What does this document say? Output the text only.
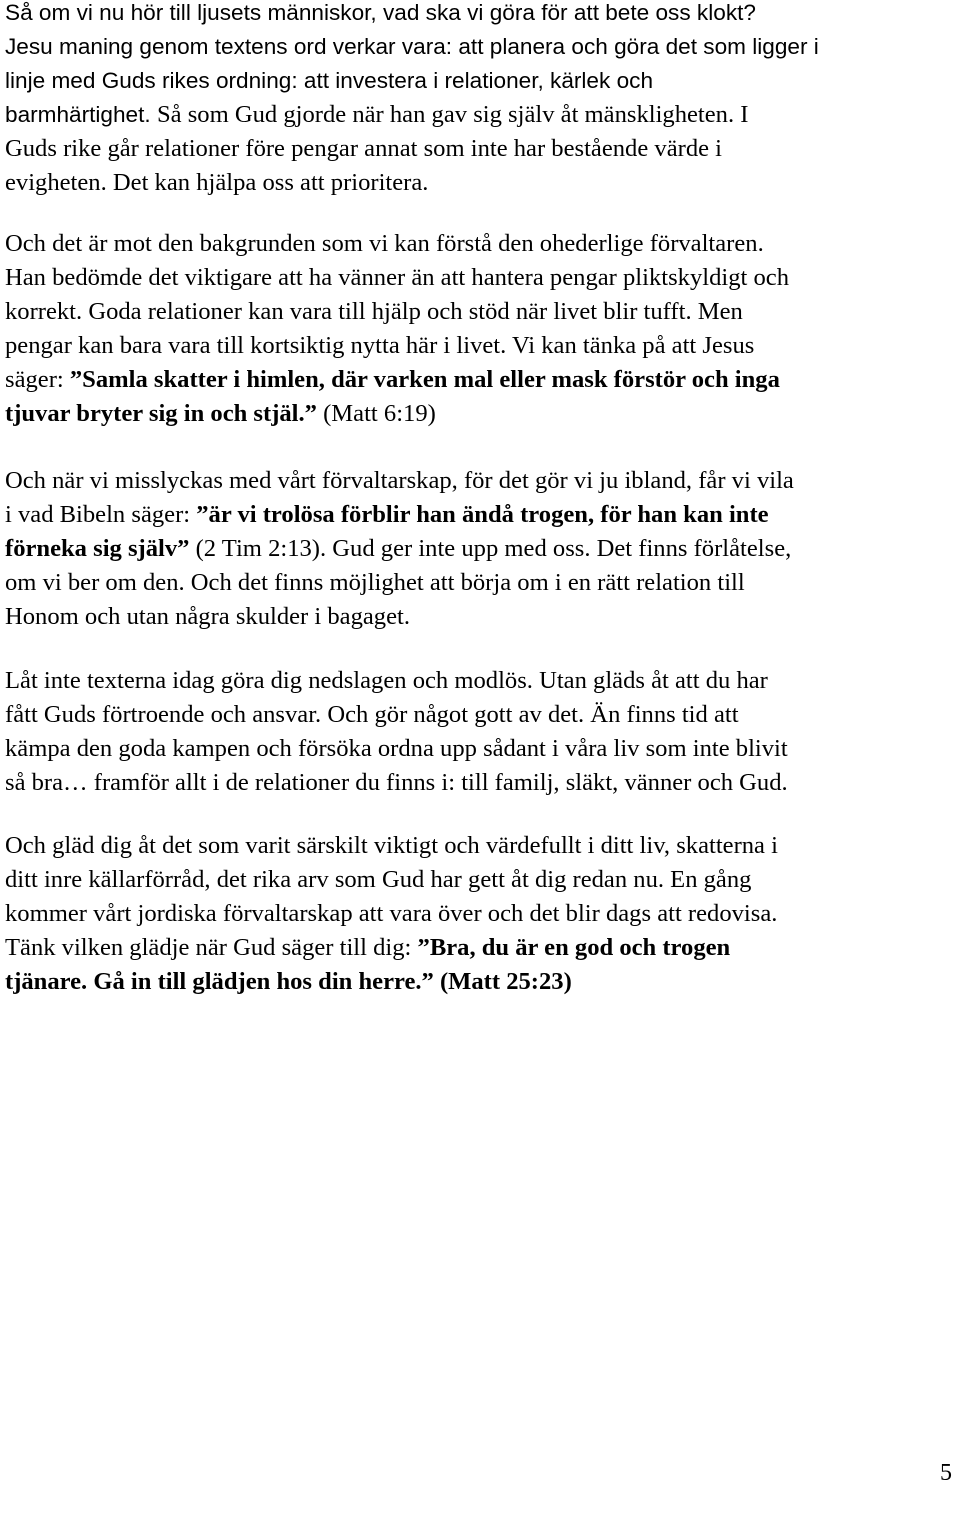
Så om vi nu hör till ljusets människor, vad ska vi göra för att bete oss klokt?
Jesu maning genom textens ord verkar vara: att planera och göra det som ligger i
linje med Guds rikes ordning: att investera i relationer, kärlek och
barmhärtighet. Så som Gud gjorde när han gav sig själv åt mänskligheten. I
Guds rike går relationer före pengar annat som inte har bestående värde i
evigheten. Det kan hjälpa oss att prioritera.

Och det är mot den bakgrunden som vi kan förstå den ohederlige förvaltaren.
Han bedömde det viktigare att ha vänner än att hantera pengar pliktskyldigt och
korrekt. Goda relationer kan vara till hjälp och stöd när livet blir tufft. Men
pengar kan bara vara till kortsiktig nytta här i livet. Vi kan tänka på att Jesus
säger: ”Samla skatter i himlen, där varken mal eller mask förstör och inga
tjuvar bryter sig in och stjäl.” (Matt 6:19)

Och när vi misslyckas med vårt förvaltarskap, för det gör vi ju ibland, får vi vila
i vad Bibeln säger: ”är vi trolösa förblir han ändå trogen, för han kan inte
förneka sig själv” (2 Tim 2:13). Gud ger inte upp med oss. Det finns förlåtelse,
om vi ber om den. Och det finns möjlighet att börja om i en rätt relation till
Honom och utan några skulder i bagaget.

Låt inte texterna idag göra dig nedslagen och modlös. Utan gläds åt att du har
fått Guds förtroende och ansvar. Och gör något gott av det. Än finns tid att
kämpa den goda kampen och försöka ordna upp sådant i våra liv som inte blivit
så bra… framför allt i de relationer du finns i: till familj, släkt, vänner och Gud.

Och gläd dig åt det som varit särskilt viktigt och värdefullt i ditt liv, skatterna i
ditt inre källarförråd, det rika arv som Gud har gett åt dig redan nu. En gång
kommer vårt jordiska förvaltarskap att vara över och det blir dags att redovisa.
Tänk vilken glädje när Gud säger till dig: ”Bra, du är en god och trogen
tjänare. Gå in till glädjen hos din herre.” (Matt 25:23)

5
